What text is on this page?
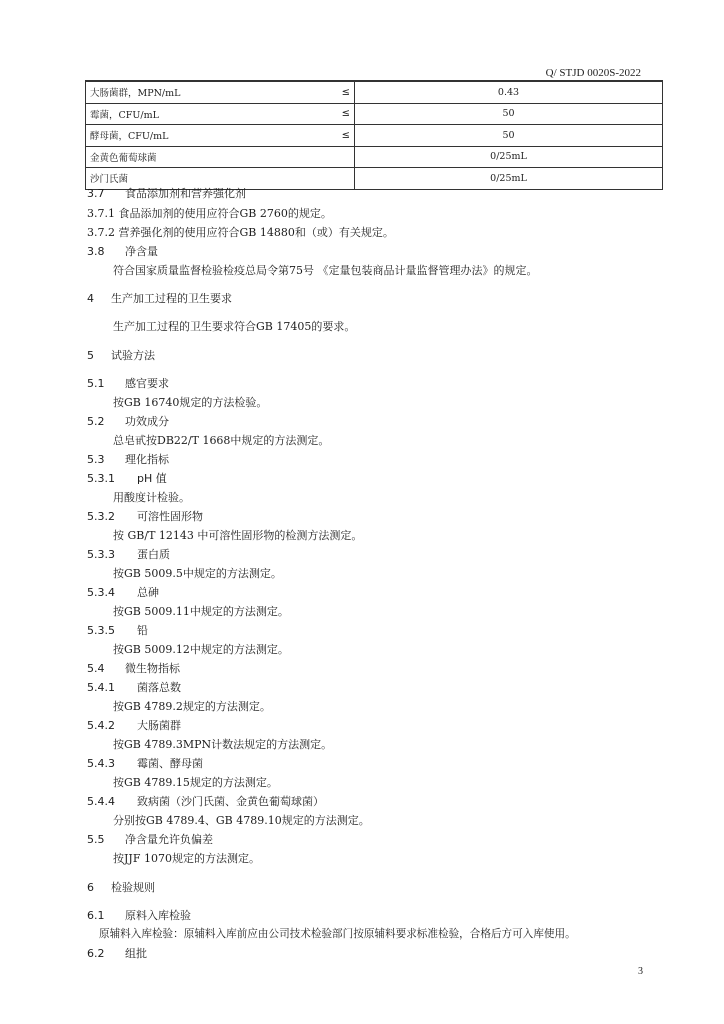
Q/ STJD 0020S-2022
大肠菌群，MPN/mL ≤	0.43

霉菌，CFU/mL ≤	50

酵母菌，CFU/mL ≤	50

金黄色葡萄球菌	0/25mL

沙门氏菌	0/25mL
3.7 食品添加剂和营养强化剂
3.7.1 食品添加剂的使用应符合GB 2760的规定。
3.7.2 营养强化剂的使用应符合GB 14880和（或）有关规定。
3.8 净含量
符合国家质量监督检验检疫总局令第75号 《定量包装商品计量监督管理办法》的规定。
4 生产加工过程的卫生要求
生产加工过程的卫生要求符合GB 17405的要求。
5 试验方法
5.1 感官要求
按GB 16740规定的方法检验。
5.2 功效成分
总皂甙按DB22/T 1668中规定的方法测定。
5.3 理化指标
5.3.1 pH 值
用酸度计检验。
5.3.2 可溶性固形物
按 GB/T 12143 中可溶性固形物的检测方法测定。
5.3.3 蛋白质
按GB 5009.5中规定的方法测定。
5.3.4 总砷
按GB 5009.11中规定的方法测定。
5.3.5 铅
按GB 5009.12中规定的方法测定。
5.4 微生物指标
5.4.1 菌落总数
按GB 4789.2规定的方法测定。
5.4.2 大肠菌群
按GB 4789.3MPN计数法规定的方法测定。
5.4.3 霉菌、酵母菌
按GB 4789.15规定的方法测定。
5.4.4 致病菌（沙门氏菌、金黄色葡萄球菌）
分别按GB 4789.4、GB 4789.10规定的方法测定。
5.5 净含量允许负偏差
按JJF 1070规定的方法测定。
6 检验规则
6.1 原料入库检验
原辅料入库检验：原辅料入库前应由公司技术检验部门按原辅料要求标准检验，合格后方可入库使用。
6.2 组批
3
